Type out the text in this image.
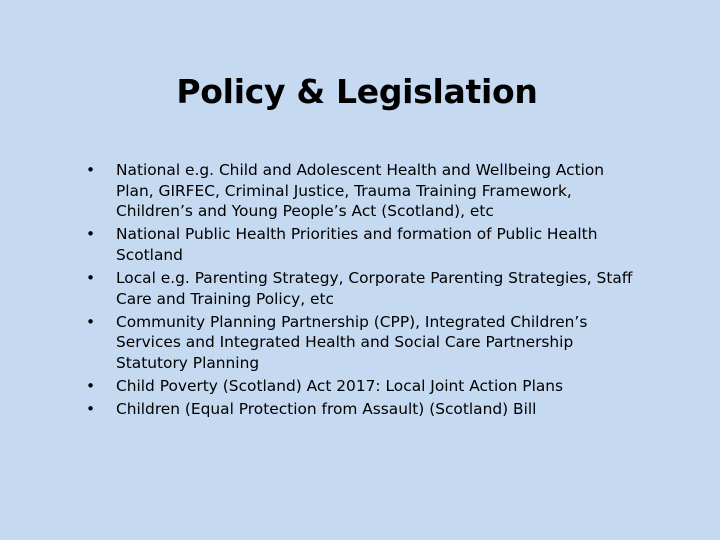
Policy & Legislation
•	National e.g. Child and Adolescent Health and Wellbeing Action Plan, GIRFEC, Criminal Justice, Trauma Training Framework, Children’s and Young People’s Act (Scotland), etc
•	National Public Health Priorities and formation of Public Health Scotland
•	Local e.g. Parenting Strategy, Corporate Parenting Strategies, Staff Care and Training Policy, etc
•	Community Planning Partnership (CPP), Integrated Children’s Services and Integrated Health and Social Care Partnership Statutory Planning
•	Child Poverty (Scotland) Act 2017: Local Joint Action Plans
•	Children (Equal Protection from Assault) (Scotland) Bill
